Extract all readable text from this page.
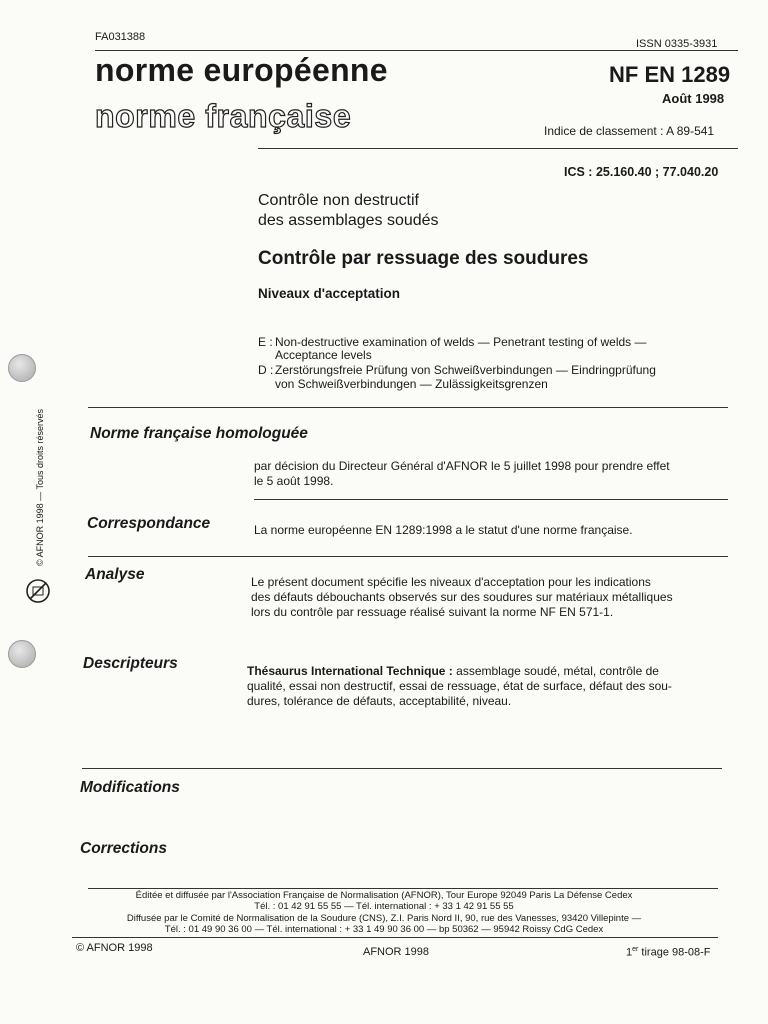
FA031388
ISSN 0335-3931
norme européenne
norme française
NF EN 1289
Août 1998
Indice de classement : A 89-541
ICS : 25.160.40 ; 77.040.20
Contrôle non destructif
des assemblages soudés
Contrôle par ressuage des soudures
Niveaux d'acceptation
E : Non-destructive examination of welds — Penetrant testing of welds —
Acceptance levels
D : Zerstörungsfreie Prüfung von Schweißverbindungen — Eindringprüfung
von Schweißverbindungen — Zulässigkeitsgrenzen
Norme française homologuée
par décision du Directeur Général d'AFNOR le 5 juillet 1998 pour prendre effet
le 5 août 1998.
Correspondance	La norme européenne EN 1289:1998 a le statut d'une norme française.
Analyse	Le présent document spécifie les niveaux d'acceptation pour les indications
des défauts débouchants observés sur des soudures sur matériaux métalliques
lors du contrôle par ressuage réalisé suivant la norme NF EN 571-1.
Descripteurs	Thésaurus International Technique : assemblage soudé, métal, contrôle de
qualité, essai non destructif, essai de ressuage, état de surface, défaut des sou-
dures, tolérance de défauts, acceptabilité, niveau.
Modifications
Corrections
© AFNOR 1998 — Tous droits réservés
Éditée et diffusée par l'Association Française de Normalisation (AFNOR), Tour Europe 92049 Paris La Défense Cedex
Tél. : 01 42 91 55 55 — Tél. international : + 33 1 42 91 55 55
Diffusée par le Comité de Normalisation de la Soudure (CNS), Z.I. Paris Nord II, 90, rue des Vanesses, 93420 Villepinte —
Tél. : 01 49 90 36 00 — Tél. international : + 33 1 49 90 36 00 — bp 50362 — 95942 Roissy CdG Cedex
© AFNOR 1998	AFNOR 1998	1er tirage 98-08-F
